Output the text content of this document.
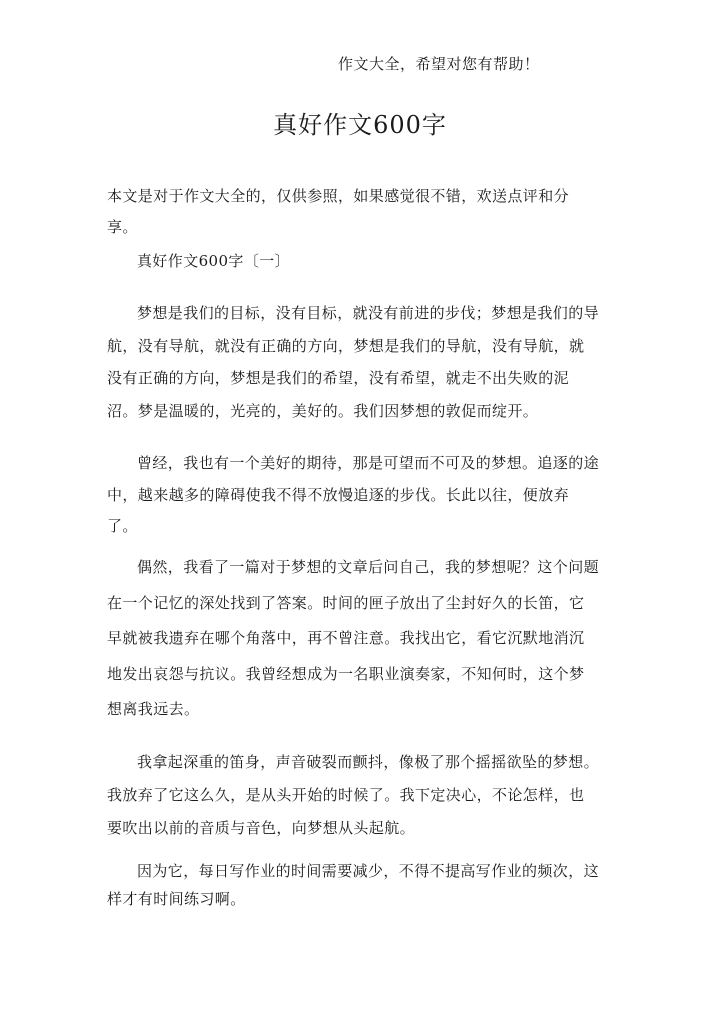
作文大全，希望对您有帮助！
真好作文600字

本文是对于作文大全的，仅供参照，如果感觉很不错，欢送点评和分享。

真好作文600字〔一〕

梦想是我们的目标，没有目标，就没有前进的步伐；梦想是我们的导航，没有导航，就没有正确的方向，梦想是我们的导航，没有导航，就没有正确的方向，梦想是我们的希望，没有希望，就走不出失败的泥沼。梦是温暖的，光亮的，美好的。我们因梦想的敦促而绽开。

曾经，我也有一个美好的期待，那是可望而不可及的梦想。追逐的途中，越来越多的障碍使我不得不放慢追逐的步伐。长此以往，便放弃了。

偶然，我看了一篇对于梦想的文章后问自己，我的梦想呢？这个问题在一个记忆的深处找到了答案。时间的匣子放出了尘封好久的长笛，它早就被我遗弃在哪个角落中，再不曾注意。我找出它，看它沉默地消沉地发出哀怨与抗议。我曾经想成为一名职业演奏家，不知何时，这个梦想离我远去。

我拿起深重的笛身，声音破裂而颤抖，像极了那个摇摇欲坠的梦想。我放弃了它这么久，是从头开始的时候了。我下定决心，不论怎样，也要吹出以前的音质与音色，向梦想从头起航。

因为它，每日写作业的时间需要减少，不得不提高写作业的频次，这样才有时间练习啊。
